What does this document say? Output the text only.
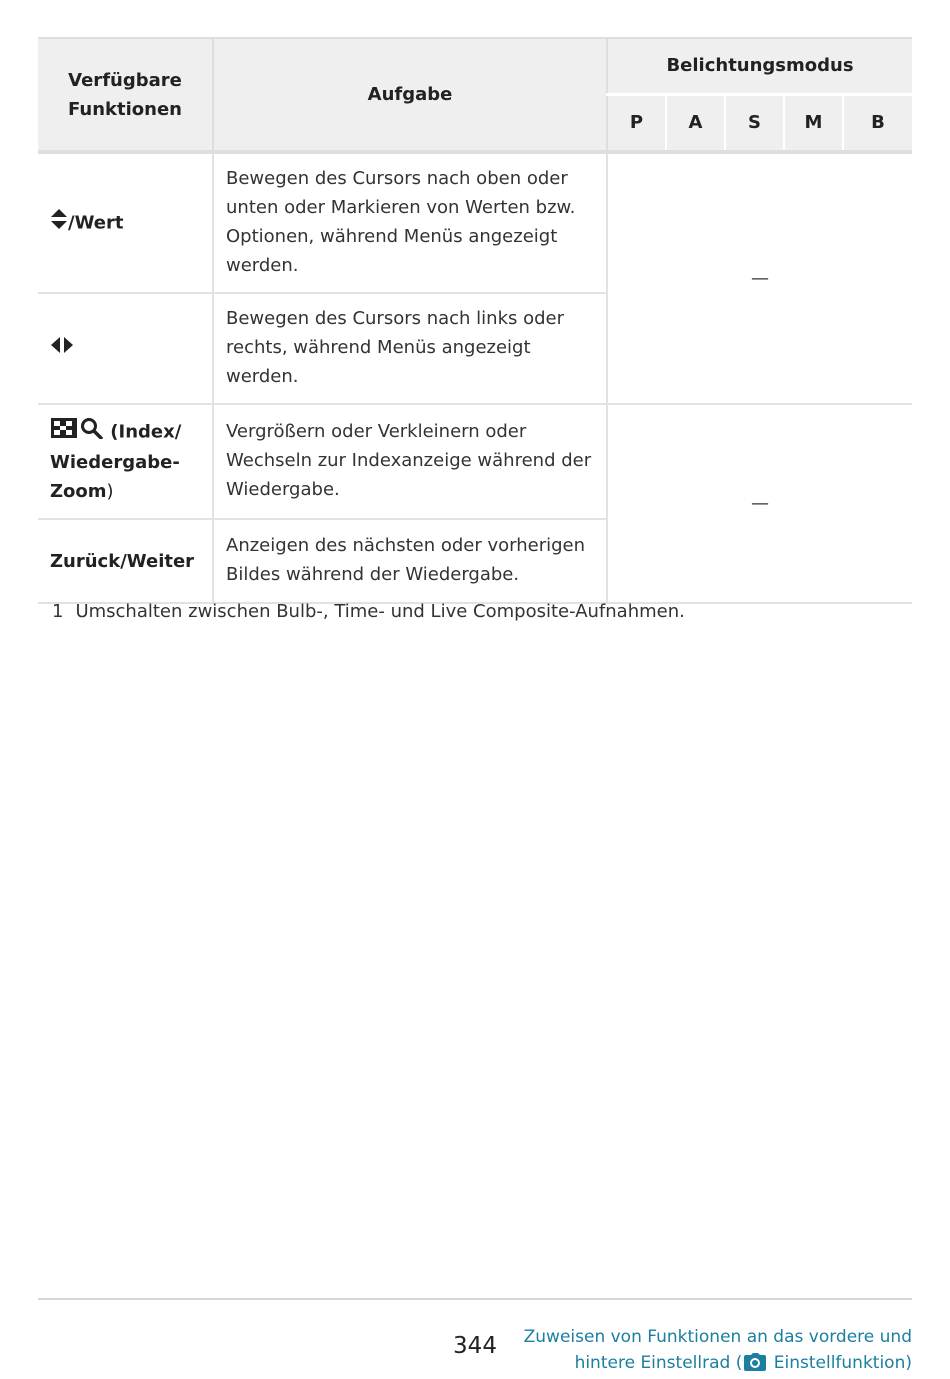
Verfügbare Funktionen	Aufgabe	Belichtungsmodus				
		P	A	S	M	B
/Wert	Bewegen des Cursors nach oben oder unten oder Markieren von Werten bzw. Optionen, während Menüs angezeigt werden.	—				
	Bewegen des Cursors nach links oder rechts, während Menüs angezeigt werden.					
(Index/ Wiedergabe-Zoom)	Vergrößern oder Verkleinern oder Wechseln zur Indexanzeige während der Wiedergabe.	—				
Zurück/Weiter	Anzeigen des nächsten oder vorherigen Bildes während der Wiedergabe.					
1 Umschalten zwischen Bulb-, Time- und Live Composite-Aufnahmen.
344	Zuweisen von Funktionen an das vordere und
hintere Einstellrad ( Einstellfunktion)
